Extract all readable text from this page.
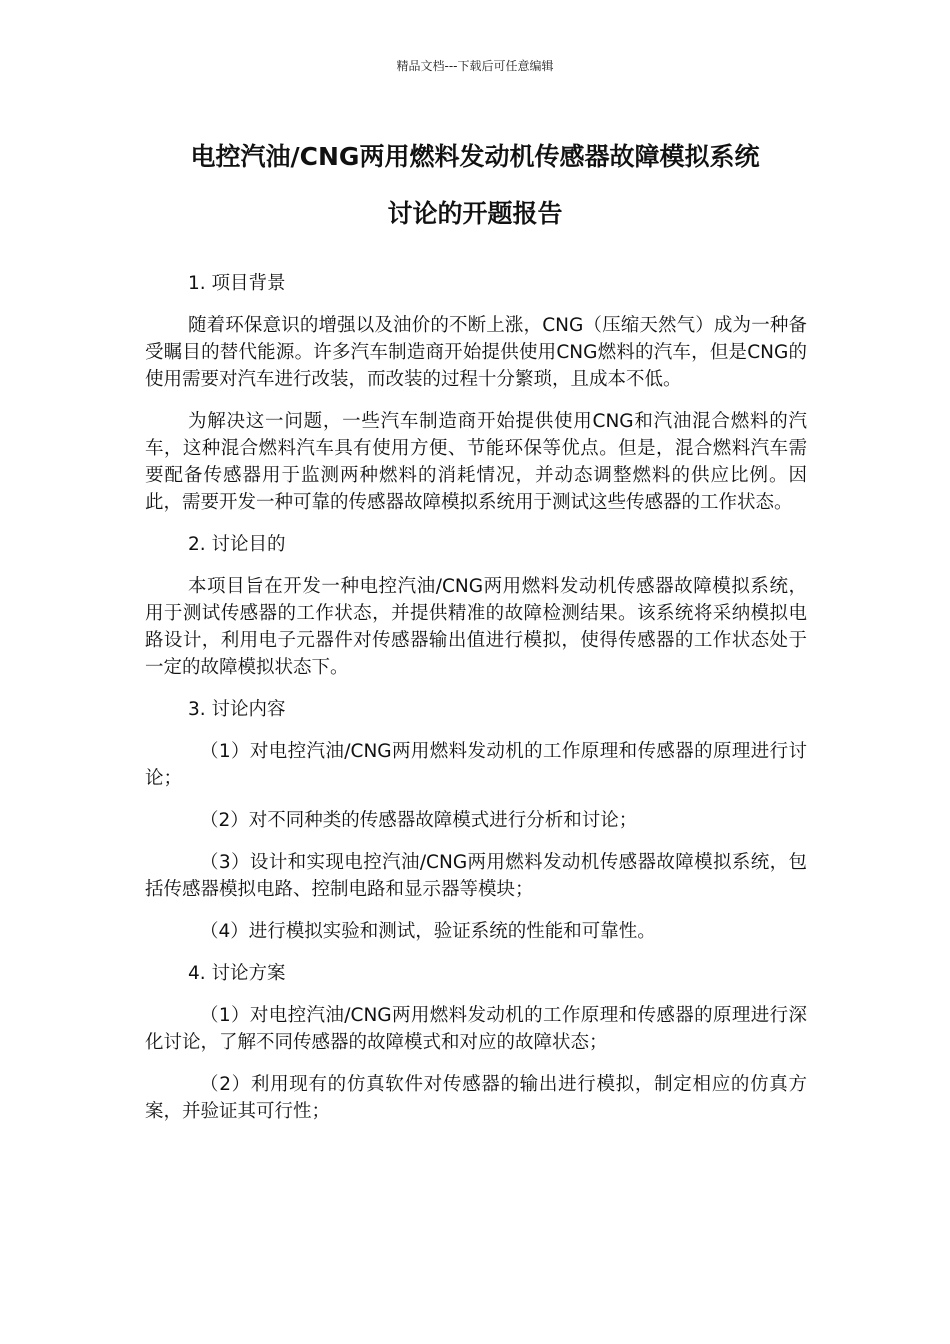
精品文档---下载后可任意编辑
电控汽油/CNG两用燃料发动机传感器故障模拟系统
讨论的开题报告

1. 项目背景

随着环保意识的增强以及油价的不断上涨，CNG（压缩天然气）成为一种备受瞩目的替代能源。许多汽车制造商开始提供使用CNG燃料的汽车，但是CNG的使用需要对汽车进行改装，而改装的过程十分繁琐，且成本不低。

为解决这一问题，一些汽车制造商开始提供使用CNG和汽油混合燃料的汽车，这种混合燃料汽车具有使用方便、节能环保等优点。但是，混合燃料汽车需要配备传感器用于监测两种燃料的消耗情况，并动态调整燃料的供应比例。因此，需要开发一种可靠的传感器故障模拟系统用于测试这些传感器的工作状态。

2. 讨论目的

本项目旨在开发一种电控汽油/CNG两用燃料发动机传感器故障模拟系统，用于测试传感器的工作状态，并提供精准的故障检测结果。该系统将采纳模拟电路设计，利用电子元器件对传感器输出值进行模拟，使得传感器的工作状态处于一定的故障模拟状态下。

3. 讨论内容

（1）对电控汽油/CNG两用燃料发动机的工作原理和传感器的原理进行讨论；

（2）对不同种类的传感器故障模式进行分析和讨论；

（3）设计和实现电控汽油/CNG两用燃料发动机传感器故障模拟系统，包括传感器模拟电路、控制电路和显示器等模块；

（4）进行模拟实验和测试，验证系统的性能和可靠性。

4. 讨论方案

（1）对电控汽油/CNG两用燃料发动机的工作原理和传感器的原理进行深化讨论，了解不同传感器的故障模式和对应的故障状态；

（2）利用现有的仿真软件对传感器的输出进行模拟，制定相应的仿真方案，并验证其可行性；
